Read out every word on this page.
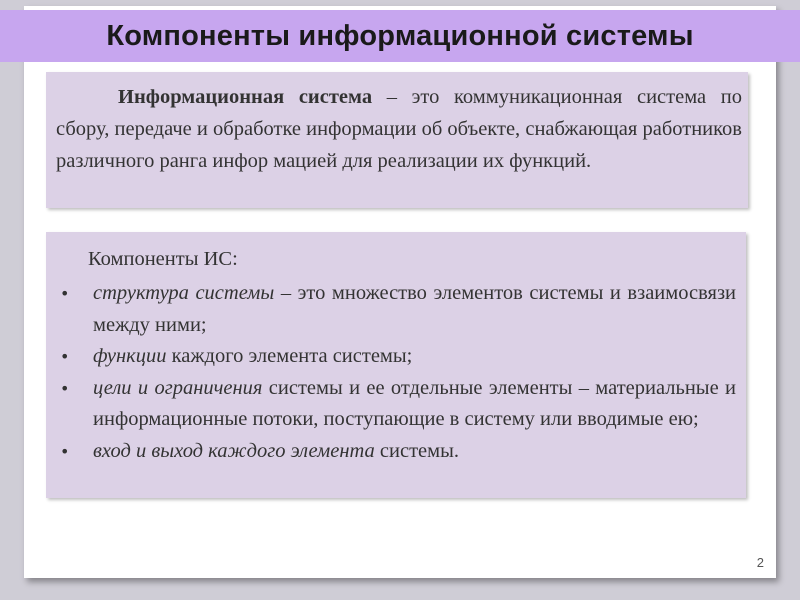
Компоненты информационной системы
Информационная система – это коммуникационная система по сбору, передаче и обработке информации об объекте, снабжающая работников различного ранга инфор мацией для реализации их функций.
Компоненты ИС:
• структура системы – это множество элементов системы и взаимосвязи между ними;
• функции каждого элемента системы;
• цели и ограничения системы и ее отдельные элементы – материальные и информационные потоки, поступающие в систему или вводимые ею;
• вход и выход каждого элемента системы.
2
